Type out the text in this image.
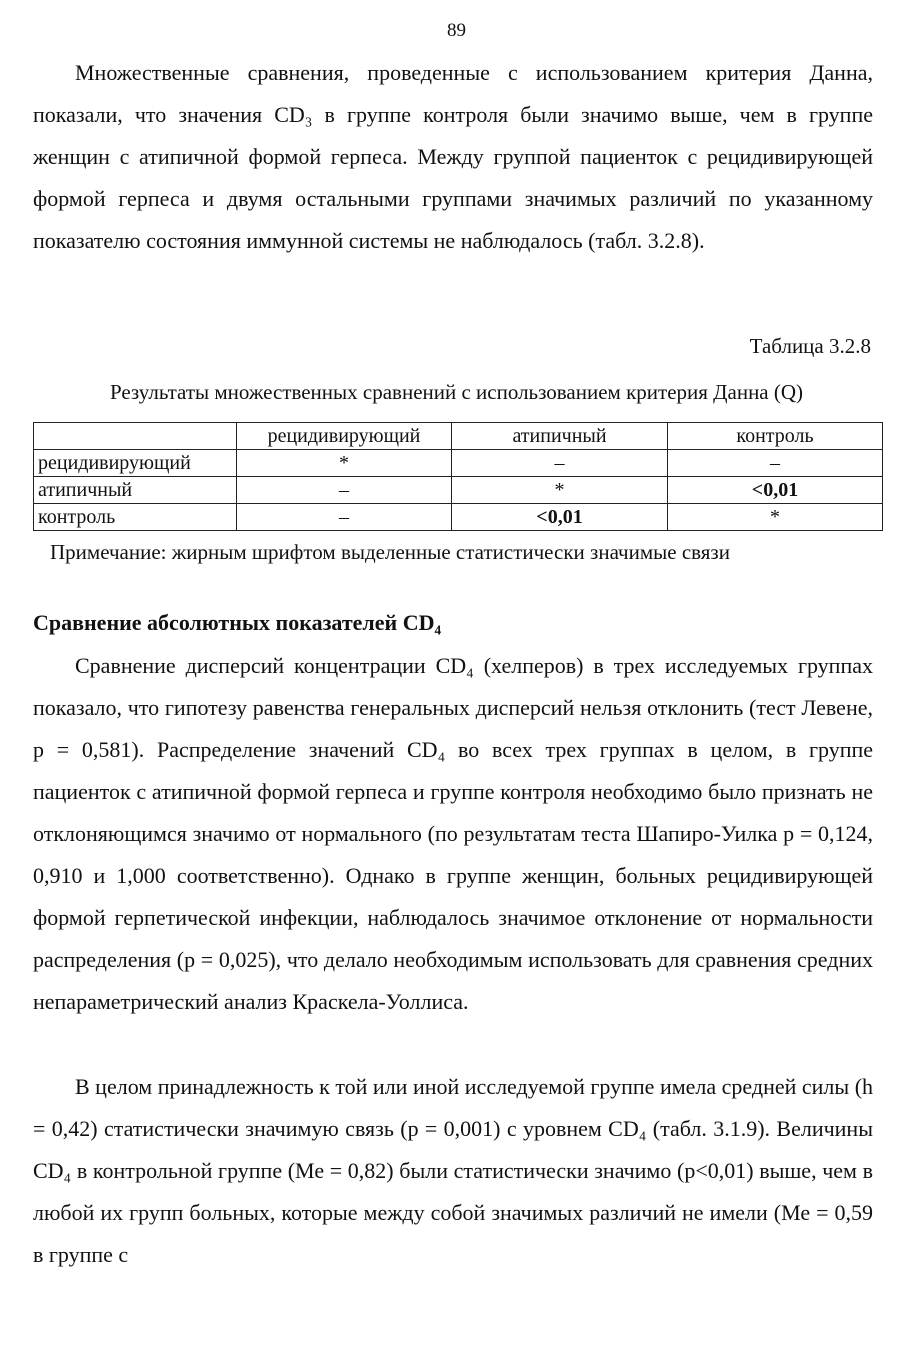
89

Множественные сравнения, проведенные с использованием критерия Данна, показали, что значения CD₃ в группе контроля были значимо выше, чем в группе женщин с атипичной формой герпеса. Между группой пациенток с рецидивирующей формой герпеса и двумя остальными группами значимых различий по указанному показателю состояния иммунной системы не наблюдалось (табл. 3.2.8).

Таблица 3.2.8
Результаты множественных сравнений с использованием критерия Данна (Q)
	рецидивирующий	атипичный	контроль
рецидивирующий	*	–	–
атипичный	–	*	<0,01
контроль	–	<0,01	*
Примечание: жирным шрифтом выделенные статистически значимые связи
Сравнение абсолютных показателей CD₄

Сравнение дисперсий концентрации CD₄ (хелперов) в трех исследуемых группах показало, что гипотезу равенства генеральных дисперсий нельзя отклонить (тест Левене, р = 0,581). Распределение значений CD₄ во всех трех группах в целом, в группе пациенток с атипичной формой герпеса и группе контроля необходимо было признать не отклоняющимся значимо от нормального (по результатам теста Шапиро-Уилка р = 0,124, 0,910 и 1,000 соответственно). Однако в группе женщин, больных рецидивирующей формой герпетической инфекции, наблюдалось значимое отклонение от нормальности распределения (р = 0,025), что делало необходимым использовать для сравнения средних непараметрический анализ Краскела-Уоллиса.

В целом принадлежность к той или иной исследуемой группе имела средней силы (h = 0,42) статистически значимую связь (р = 0,001) с уровнем CD₄ (табл. 3.1.9). Величины CD₄ в контрольной группе (Ме = 0,82) были статистически значимо (р<0,01) выше, чем в любой их групп больных, которые между собой значимых различий не имели (Ме = 0,59 в группе с
